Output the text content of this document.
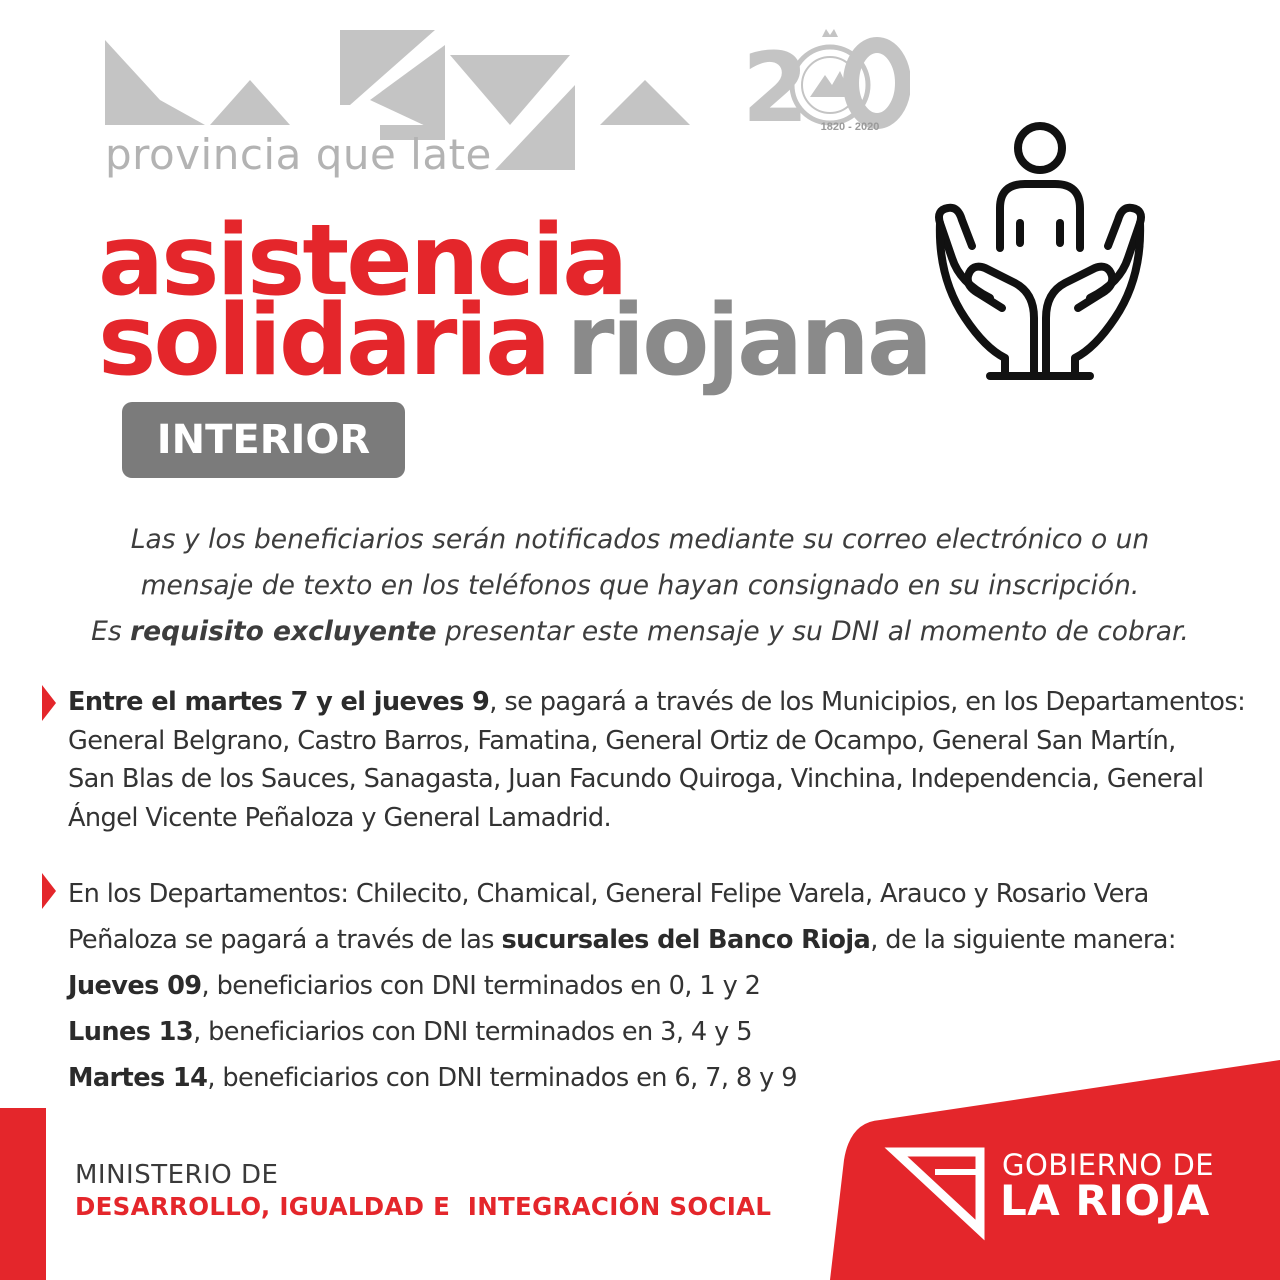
provincia que late
2	1820 - 2020
asistencia
solidaria riojana
INTERIOR
Las y los beneficiarios serán notificados mediante su correo electrónico o un
mensaje de texto en los teléfonos que hayan consignado en su inscripción.
Es requisito excluyente presentar este mensaje y su DNI al momento de cobrar.
Entre el martes 7 y el jueves 9, se pagará a través de los Municipios, en los Departamentos:
General Belgrano, Castro Barros, Famatina, General Ortiz de Ocampo, General San Martín,
San Blas de los Sauces, Sanagasta, Juan Facundo Quiroga, Vinchina, Independencia, General
Ángel Vicente Peñaloza y General Lamadrid.
En los Departamentos: Chilecito, Chamical, General Felipe Varela, Arauco y Rosario Vera
Peñaloza se pagará a través de las sucursales del Banco Rioja, de la siguiente manera:
Jueves 09, beneficiarios con DNI terminados en 0, 1 y 2
Lunes 13, beneficiarios con DNI terminados en 3, 4 y 5
Martes 14, beneficiarios con DNI terminados en 6, 7, 8 y 9
MINISTERIO DE
DESARROLLO, IGUALDAD E  INTEGRACIÓN SOCIAL
GOBIERNO DE
LA RIOJA
